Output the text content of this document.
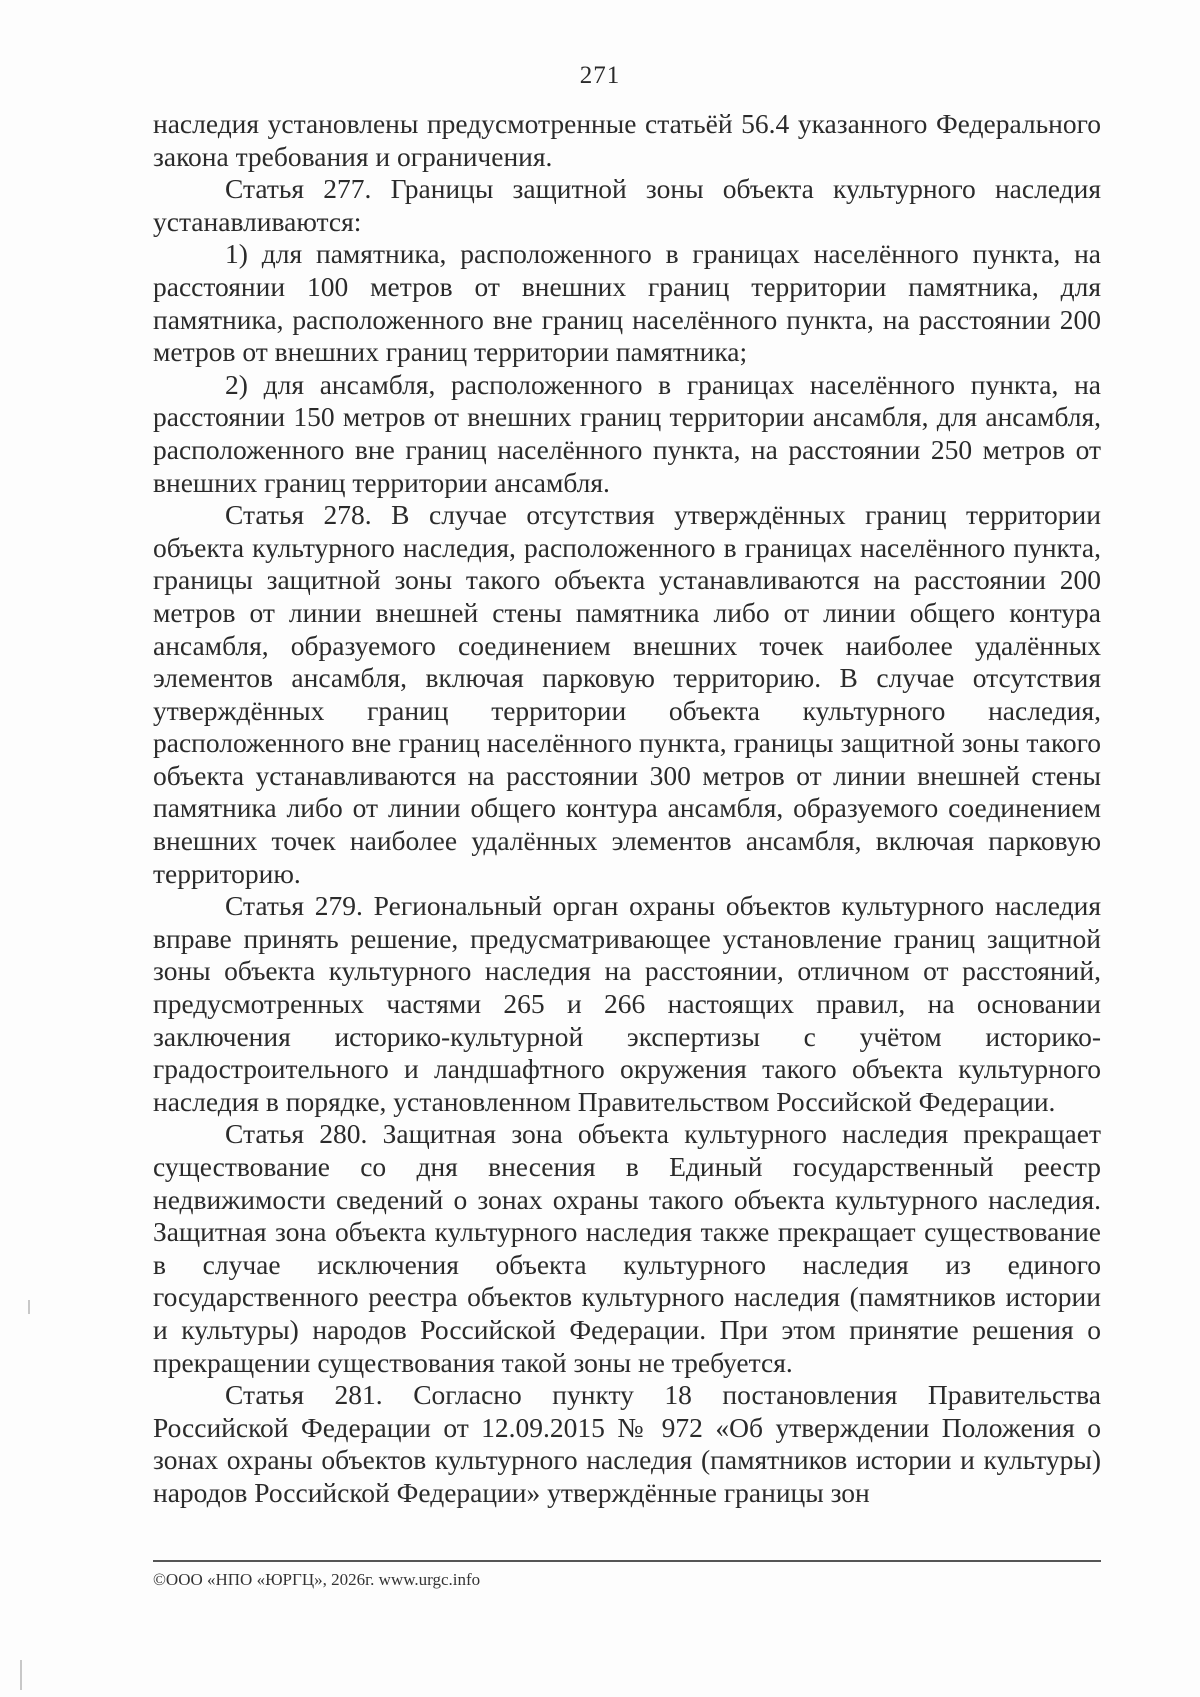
271

наследия установлены предусмотренные статьёй 56.4 указанного Федерального закона требования и ограничения.

Статья 277. Границы защитной зоны объекта культурного наследия устанавливаются:

1) для памятника, расположенного в границах населённого пункта, на расстоянии 100 метров от внешних границ территории памятника, для памятника, расположенного вне границ населённого пункта, на расстоянии 200 метров от внешних границ территории памятника;

2) для ансамбля, расположенного в границах населённого пункта, на расстоянии 150 метров от внешних границ территории ансамбля, для ансамбля, расположенного вне границ населённого пункта, на расстоянии 250 метров от внешних границ территории ансамбля.

Статья 278. В случае отсутствия утверждённых границ территории объекта культурного наследия, расположенного в границах населённого пункта, границы защитной зоны такого объекта устанавливаются на расстоянии 200 метров от линии внешней стены памятника либо от линии общего контура ансамбля, образуемого соединением внешних точек наиболее удалённых элементов ансамбля, включая парковую территорию. В случае отсутствия утверждённых границ территории объекта культурного наследия, расположенного вне границ населённого пункта, границы защитной зоны такого объекта устанавливаются на расстоянии 300 метров от линии внешней стены памятника либо от линии общего контура ансамбля, образуемого соединением внешних точек наиболее удалённых элементов ансамбля, включая парковую территорию.

Статья 279. Региональный орган охраны объектов культурного наследия вправе принять решение, предусматривающее установление границ защитной зоны объекта культурного наследия на расстоянии, отличном от расстояний, предусмотренных частями 265 и 266 настоящих правил, на основании заключения историко-культурной экспертизы с учётом историко-градостроительного и ландшафтного окружения такого объекта культурного наследия в порядке, установленном Правительством Российской Федерации.

Статья 280. Защитная зона объекта культурного наследия прекращает существование со дня внесения в Единый государственный реестр недвижимости сведений о зонах охраны такого объекта культурного наследия. Защитная зона объекта культурного наследия также прекращает существование в случае исключения объекта культурного наследия из единого государственного реестра объектов культурного наследия (памятников истории и культуры) народов Российской Федерации. При этом принятие решения о прекращении существования такой зоны не требуется.

Статья 281. Согласно пункту 18 постановления Правительства Российской Федерации от 12.09.2015 № 972 «Об утверждении Положения о зонах охраны объектов культурного наследия (памятников истории и культуры) народов Российской Федерации» утверждённые границы зон

©ООО «НПО «ЮРГЦ», 2026г. www.urgc.info
